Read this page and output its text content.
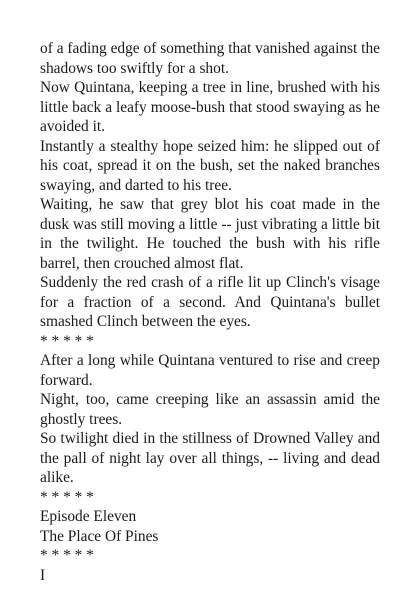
of a fading edge of something that vanished against the shadows too swiftly for a shot.

Now Quintana, keeping a tree in line, brushed with his little back a leafy moose-bush that stood swaying as he avoided it.

Instantly a stealthy hope seized him: he slipped out of his coat, spread it on the bush, set the naked branches swaying, and darted to his tree.

Waiting, he saw that grey blot his coat made in the dusk was still moving a little -- just vibrating a little bit in the twilight. He touched the bush with his rifle barrel, then crouched almost flat.

Suddenly the red crash of a rifle lit up Clinch's visage for a fraction of a second. And Quintana's bullet smashed Clinch between the eyes.

* * * * *

After a long while Quintana ventured to rise and creep forward.

Night, too, came creeping like an assassin amid the ghostly trees.

So twilight died in the stillness of Drowned Valley and the pall of night lay over all things, -- living and dead alike.

* * * * *

Episode Eleven

The Place Of Pines

* * * * *

I
